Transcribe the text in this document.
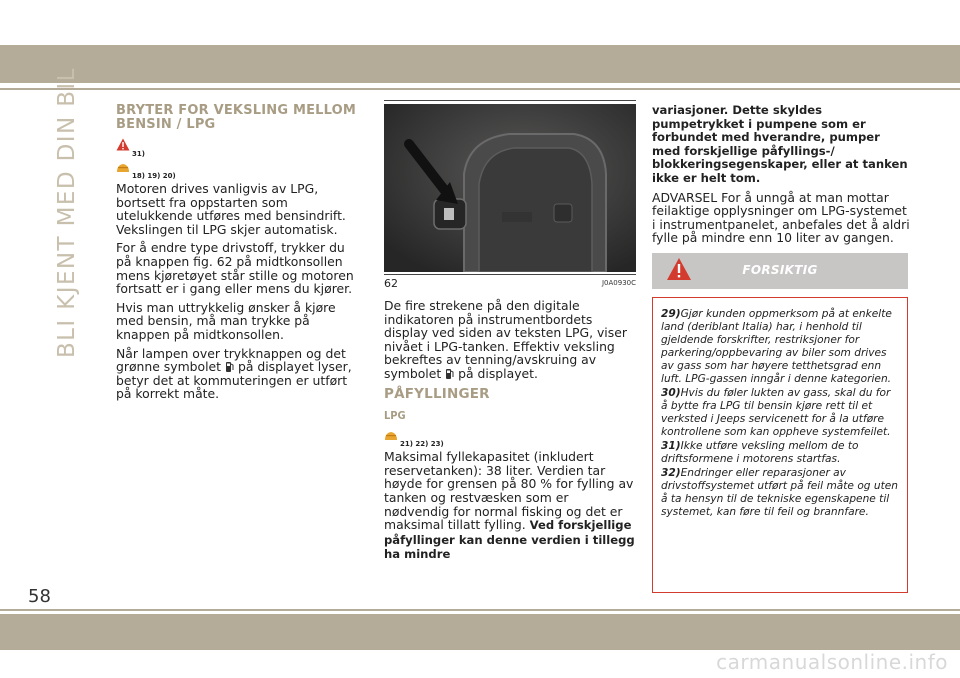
BLI KJENT MED DIN BIL
58
carmanualsonline.info
BRYTER FOR VEKSLING MELLOM BENSIN / LPG
31)
18) 19) 20)

Motoren drives vanligvis av LPG, bortsett fra oppstarten som utelukkende utføres med bensindrift. Vekslingen til LPG skjer automatisk.

For å endre type drivstoff, trykker du på knappen fig. 62 på midtkonsollen mens kjøretøyet står stille og motoren fortsatt er i gang eller mens du kjører.

Hvis man uttrykkelig ønsker å kjøre med bensin, må man trykke på knappen på midtkonsollen.

Når lampen over trykknappen og det grønne symbolet på displayet lyser, betyr det at kommuteringen er utført på korrekt måte.

62	J0A0930C

De fire strekene på den digitale indikatoren på instrumentbordets display ved siden av teksten LPG, viser nivået i LPG-tanken. Effektiv veksling bekreftes av tenning/avskruing av symbolet på displayet.

PÅFYLLINGER
LPG
21) 22) 23)

Maksimal fyllekapasitet (inkludert reservetanken): 38 liter. Verdien tar høyde for grensen på 80 % for fylling av tanken og restvæsken som er nødvendig for normal fisking og det er maksimal tillatt fylling. Ved forskjellige påfyllinger kan denne verdien i tillegg ha mindre

variasjoner. Dette skyldes pumpetrykket i pumpene som er forbundet med hverandre, pumper med forskjellige påfyllings-/ blokkeringsegenskaper, eller at tanken ikke er helt tom.

ADVARSEL For å unngå at man mottar feilaktige opplysninger om LPG-systemet i instrumentpanelet, anbefales det å aldri fylle på mindre enn 10 liter av gangen.

FORSIKTIG
29)Gjør kunden oppmerksom på at enkelte land (deriblant Italia) har, i henhold til gjeldende forskrifter, restriksjoner for parkering/oppbevaring av biler som drives av gass som har høyere tetthetsgrad enn luft. LPG-gassen inngår i denne kategorien.
30)Hvis du føler lukten av gass, skal du for å bytte fra LPG til bensin kjøre rett til et verksted i Jeeps servicenett for å la utføre kontrollene som kan oppheve systemfeilet.
31)Ikke utføre veksling mellom de to driftsformene i motorens startfas.
32)Endringer eller reparasjoner av drivstoffsystemet utført på feil måte og uten å ta hensyn til de tekniske egenskapene til systemet, kan føre til feil og brannfare.
